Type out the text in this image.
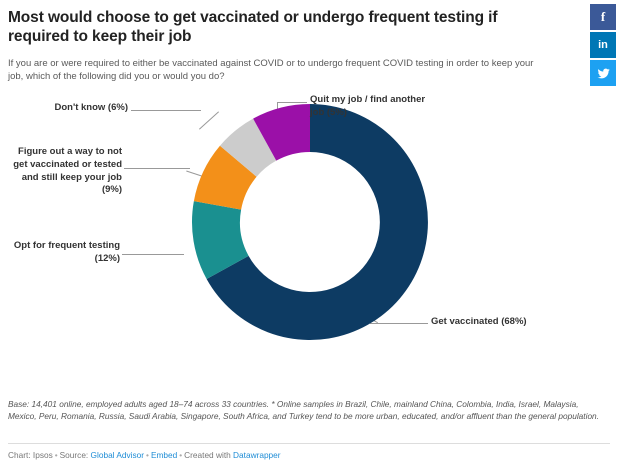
Most would choose to get vaccinated or undergo frequent testing if required to keep their job
If you are or were required to either be vaccinated against COVID or to undergo frequent COVID testing in order to keep your job, which of the following did you or would you do?
f
in
Quit my job / find another job (5%)
Don't know (6%)
Figure out a way to not get vaccinated or tested and still keep your job (9%)
Opt for frequent testing (12%)
Get vaccinated (68%)
Base: 14,401 online, employed adults aged 18–74 across 33 countries. * Online samples in Brazil, Chile, mainland China, Colombia, India, Israel, Malaysia, Mexico, Peru, Romania, Russia, Saudi Arabia, Singapore, South Africa, and Turkey tend to be more urban, educated, and/or affluent than the general population.
Chart: Ipsos • Source: Global Advisor • Embed • Created with Datawrapper
